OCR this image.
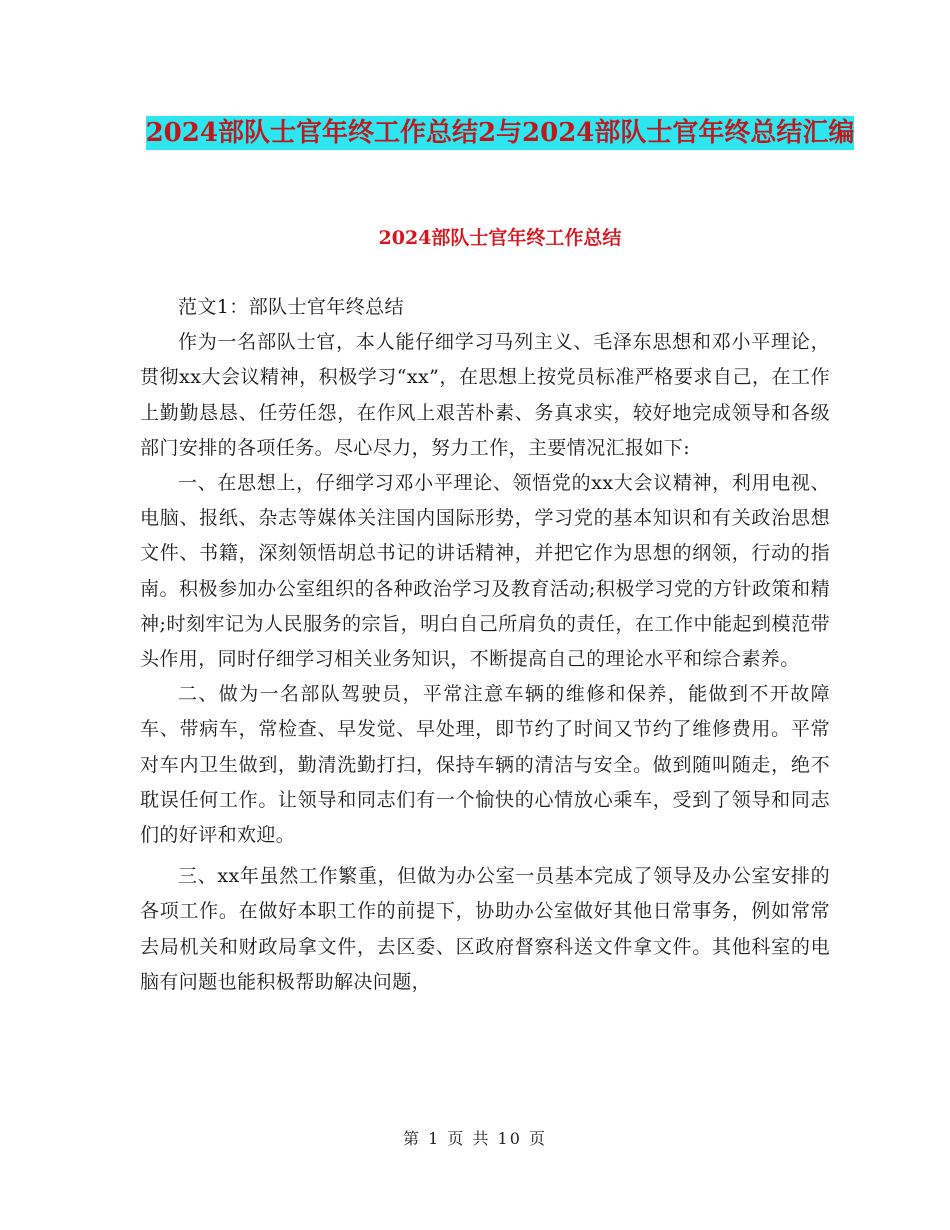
2024部队士官年终工作总结2与2024部队士官年终总结汇编
2024部队士官年终工作总结

范文1：部队士官年终总结

作为一名部队士官，本人能仔细学习马列主义、毛泽东思想和邓小平理论，贯彻xx大会议精神，积极学习“xx”，在思想上按党员标准严格要求自己，在工作上勤勤恳恳、任劳任怨，在作风上艰苦朴素、务真求实，较好地完成领导和各级部门安排的各项任务。尽心尽力，努力工作，主要情况汇报如下:

一、在思想上，仔细学习邓小平理论、领悟党的xx大会议精神，利用电视、电脑、报纸、杂志等媒体关注国内国际形势，学习党的基本知识和有关政治思想文件、书籍，深刻领悟胡总书记的讲话精神，并把它作为思想的纲领，行动的指南。积极参加办公室组织的各种政治学习及教育活动;积极学习党的方针政策和精神;时刻牢记为人民服务的宗旨，明白自己所肩负的责任，在工作中能起到模范带头作用，同时仔细学习相关业务知识，不断提高自己的理论水平和综合素养。

二、做为一名部队驾驶员，平常注意车辆的维修和保养，能做到不开故障车、带病车，常检查、早发觉、早处理，即节约了时间又节约了维修费用。平常对车内卫生做到，勤清洗勤打扫，保持车辆的清洁与安全。做到随叫随走，绝不耽误任何工作。让领导和同志们有一个愉快的心情放心乘车，受到了领导和同志们的好评和欢迎。

三、xx年虽然工作繁重，但做为办公室一员基本完成了领导及办公室安排的各项工作。在做好本职工作的前提下，协助办公室做好其他日常事务，例如常常去局机关和财政局拿文件，去区委、区政府督察科送文件拿文件。其他科室的电脑有问题也能积极帮助解决问题，

第 1 页 共 10 页
